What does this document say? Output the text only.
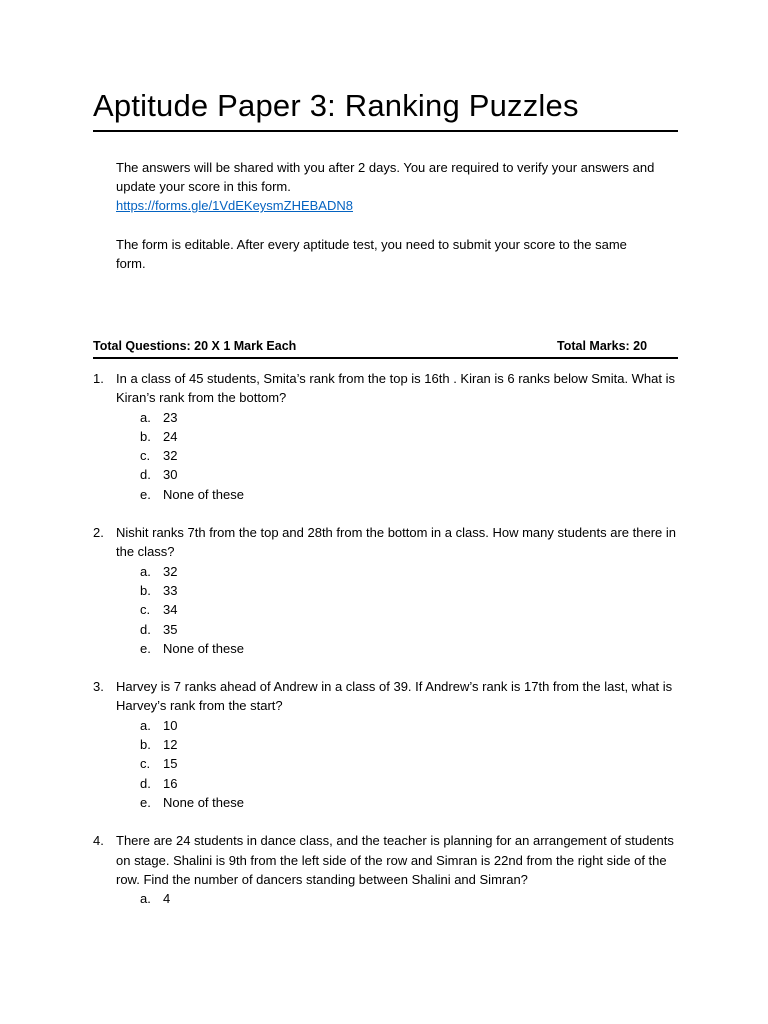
Aptitude Paper 3: Ranking Puzzles

The answers will be shared with you after 2 days. You are required to verify your answers and update your score in this form.

https://forms.gle/1VdEKeysmZHEBADN8

The form is editable. After every aptitude test, you need to submit your score to the same form.

Total Questions: 20 X 1 Mark Each	Total Marks: 20
1. In a class of 45 students, Smita’s rank from the top is 16th . Kiran is 6 ranks below Smita. What is Kiran’s rank from the bottom?

a. 23
b. 24
c. 32
d. 30
e. None of these
2. Nishit ranks 7th from the top and 28th from the bottom in a class. How many students are there in the class?

a. 32
b. 33
c. 34
d. 35
e. None of these
3. Harvey is 7 ranks ahead of Andrew in a class of 39. If Andrew’s rank is 17th from the last, what is Harvey’s rank from the start?

a. 10
b. 12
c. 15
d. 16
e. None of these
4. There are 24 students in dance class, and the teacher is planning for an arrangement of students on stage. Shalini is 9th from the left side of the row and Simran is 22nd from the right side of the row. Find the number of dancers standing between Shalini and Simran?

a. 4
